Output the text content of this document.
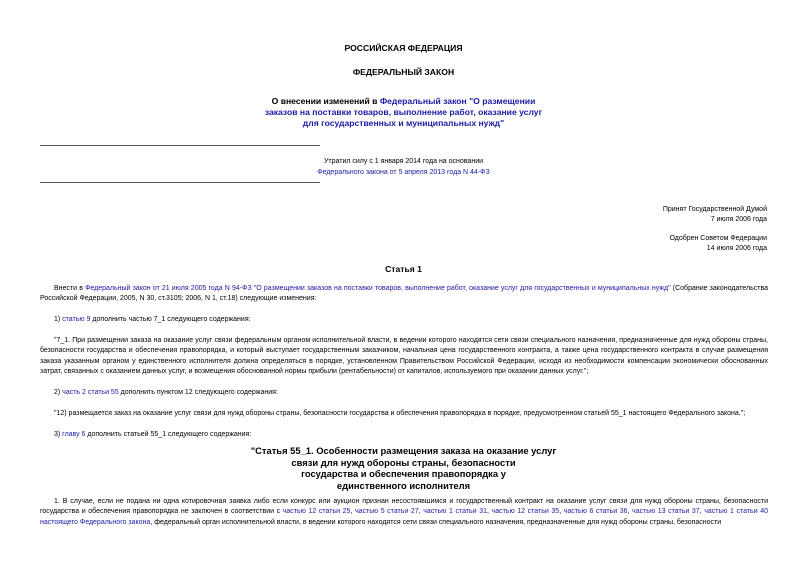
РОССИЙСКАЯ ФЕДЕРАЦИЯ
ФЕДЕРАЛЬНЫЙ ЗАКОН
О внесении изменений в Федеральный закон "О размещении
заказов на поставки товаров, выполнение работ, оказание услуг
для государственных и муниципальных нужд"
Утратил силу с 1 января 2014 года на основании
Федерального закона от 5 апреля 2013 года N 44-ФЗ
Принят Государственной Думой
7 июля 2006 года
Одобрен Советом Федерации
14 июля 2006 года
Статья 1
Внести в Федеральный закон от 21 июля 2005 года N 94-ФЗ "О размещении заказов на поставки товаров, выполнение работ, оказание услуг для государственных и муниципальных нужд" (Собрание законодательства Российской Федерации, 2005, N 30, ст.3105; 2006, N 1, ст.18) следующие изменения:
1) статью 9 дополнить частью 7_1 следующего содержания:
"7_1. При размещении заказа на оказание услуг связи федеральным органом исполнительной власти, в ведении которого находятся сети связи специального назначения, предназначенные для нужд обороны страны, безопасности государства и обеспечения правопорядка, и который выступает государственным заказчиком, начальная цена государственного контракта, а также цена государственного контракта в случае размещения заказа указанным органом у единственного исполнителя должна определяться в порядке, установленном Правительством Российской Федерации, исходя из необходимости компенсации экономически обоснованных затрат, связанных с оказанием данных услуг, и возмещения обоснованной нормы прибыли (рентабельности) от капиталов, используемого при оказании данных услуг.";
2) часть 2 статьи 55 дополнить пунктом 12 следующего содержания:
"12) размещается заказ на оказание услуг связи для нужд обороны страны, безопасности государства и обеспечения правопорядка в порядке, предусмотренном статьей 55_1 настоящего Федерального закона.";
3) главу 6 дополнить статьей 55_1 следующего содержания:
"Статья 55_1. Особенности размещения заказа на оказание услуг
связи для нужд обороны страны, безопасности
государства и обеспечения правопорядка у
единственного исполнителя
1. В случае, если не подана ни одна котировочная заявка либо если конкурс или аукцион признан несостоявшимся и государственный контракт на оказание услуг связи для нужд обороны страны, безопасности государства и обеспечения правопорядка не заключен в соответствии с частью 12 статьи 25, частью 5 статьи 27, частью 1 статьи 31, частью 12 статьи 35, частью 6 статьи 36, частью 13 статьи 37, частью 1 статьи 40 настоящего Федерального закона, федеральный орган исполнительной власти, в ведении которого находятся сети связи специального назначения, предназначенные для нужд обороны страны, безопасности
